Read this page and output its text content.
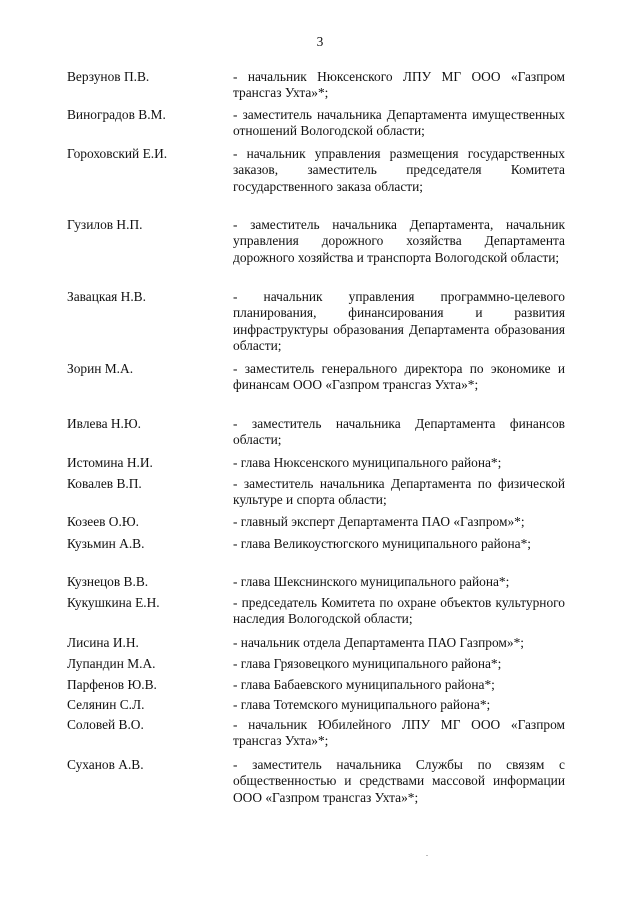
3
Верзунов П.В.	- начальник Нюксенского ЛПУ МГ ООО «Газпром трансгаз Ухта»*;
Виноградов В.М.	- заместитель начальника Департамента имущественных отношений Вологодской области;
Гороховский Е.И.	- начальник управления размещения государственных заказов, заместитель председателя Комитета государственного заказа области;
Гузилов Н.П.	- заместитель начальника Департамента, начальник управления дорожного хозяйства Департамента дорожного хозяйства и транспорта Вологодской области;
Завацкая Н.В.	- начальник управления программно-целевого планирования, финансирования и развития инфраструктуры образования Департамента образования области;
Зорин М.А.	- заместитель генерального директора по экономике и финансам ООО «Газпром трансгаз Ухта»*;
Ивлева Н.Ю.	- заместитель начальника Департамента финансов области;
Истомина Н.И.	- глава Нюксенского муниципального района*;
Ковалев В.П.	- заместитель начальника Департамента по физической культуре и спорта области;
Козеев О.Ю.	- главный эксперт Департамента ПАО «Газпром»*;
Кузьмин А.В.	- глава Великоустюгского муниципального района*;
Кузнецов В.В.	- глава Шекснинского муниципального района*;
Кукушкина Е.Н.	- председатель Комитета по охране объектов культурного наследия Вологодской области;
Лисина И.Н.	- начальник отдела Департамента ПАО Газпром»*;
Лупандин М.А.	- глава Грязовецкого муниципального района*;
Парфенов Ю.В.	- глава Бабаевского муниципального района*;
Селянин С.Л.	- глава Тотемского муниципального района*;
Соловей В.О.	- начальник Юбилейного ЛПУ МГ ООО «Газпром трансгаз Ухта»*;
Суханов А.В.	- заместитель начальника Службы по связям с общественностью и средствами массовой информации ООО «Газпром трансгаз Ухта»*;
